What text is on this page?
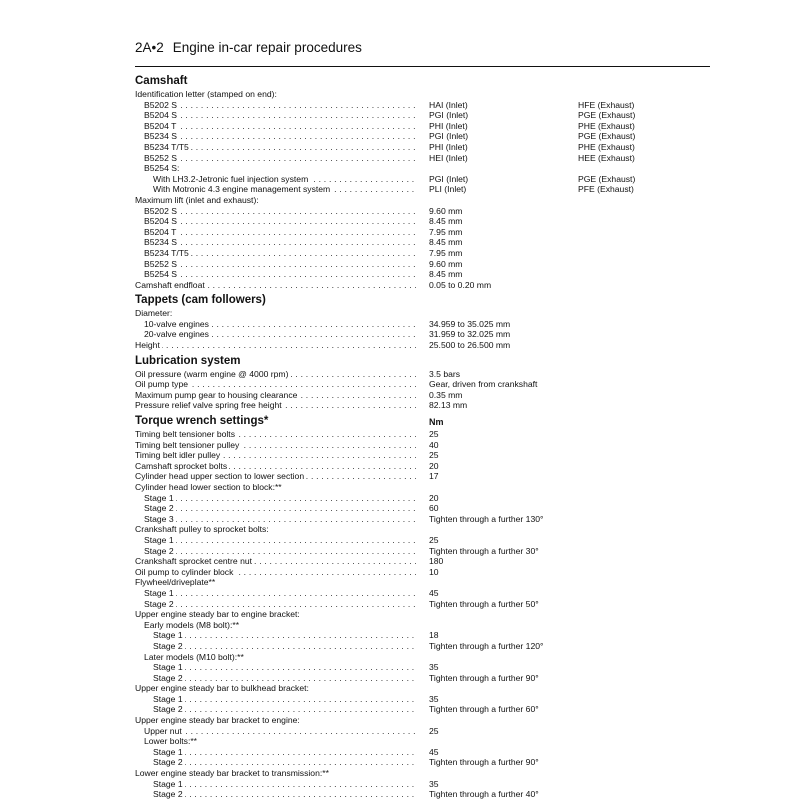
2A•2 Engine in-car repair procedures
Camshaft
Identification letter (stamped on end):
B5202 S . . .	HAI (Inlet)	HFE (Exhaust)
B5204 S . . .	PGI (Inlet)	PGE (Exhaust)
B5204 T . . .	PHI (Inlet)	PHE (Exhaust)
B5234 S . . .	PGI (Inlet)	PGE (Exhaust)
B5234 T/T5 . . .	PHI (Inlet)	PHE (Exhaust)
B5252 S . . .	HEI (Inlet)	HEE (Exhaust)
B5254 S:
With LH3.2-Jetronic fuel injection system . . .	PGI (Inlet)	PGE (Exhaust)
With Motronic 4.3 engine management system . . .	PLI (Inlet)	PFE (Exhaust)
Maximum lift (inlet and exhaust):
B5202 S . . .	9.60 mm
B5204 S . . .	8.45 mm
B5204 T . . .	7.95 mm
B5234 S . . .	8.45 mm
B5234 T/T5 . . .	7.95 mm
B5252 S . . .	9.60 mm
B5254 S . . .	8.45 mm
Camshaft endfloat . . .	0.05 to 0.20 mm
Tappets (cam followers)
Diameter:
10-valve engines . . .	34.959 to 35.025 mm
20-valve engines . . .	31.959 to 32.025 mm
Height . . .	25.500 to 26.500 mm
Lubrication system
Oil pressure (warm engine @ 4000 rpm) . . .	3.5 bars
Oil pump type . . .	Gear, driven from crankshaft
Maximum pump gear to housing clearance . . .	0.35 mm
Pressure relief valve spring free height . . .	82.13 mm
Torque wrench settings*	Nm
Timing belt tensioner bolts . . .	25
Timing belt tensioner pulley . . .	40
Timing belt idler pulley . . .	25
Camshaft sprocket bolts . . .	20
Cylinder head upper section to lower section . . .	17
Cylinder head lower section to block:**
Stage 1 . . .	20
Stage 2 . . .	60
Stage 3 . . .	Tighten through a further 130°
Crankshaft pulley to sprocket bolts:
Stage 1 . . .	25
Stage 2 . . .	Tighten through a further 30°
Crankshaft sprocket centre nut . . .	180
Oil pump to cylinder block . . .	10
Flywheel/driveplate**
Stage 1 . . .	45
Stage 2 . . .	Tighten through a further 50°
Upper engine steady bar to engine bracket:
Early models (M8 bolt):**
Stage 1 . . .	18
Stage 2 . . .	Tighten through a further 120°
Later models (M10 bolt):**
Stage 1 . . .	35
Stage 2 . . .	Tighten through a further 90°
Upper engine steady bar to bulkhead bracket:
Stage 1 . . .	35
Stage 2 . . .	Tighten through a further 60°
Upper engine steady bar bracket to engine:
Upper nut . . .	25
Lower bolts:**
Stage 1 . . .	45
Stage 2 . . .	Tighten through a further 90°
Lower engine steady bar bracket to transmission:**
Stage 1 . . .	35
Stage 2 . . .	Tighten through a further 40°
